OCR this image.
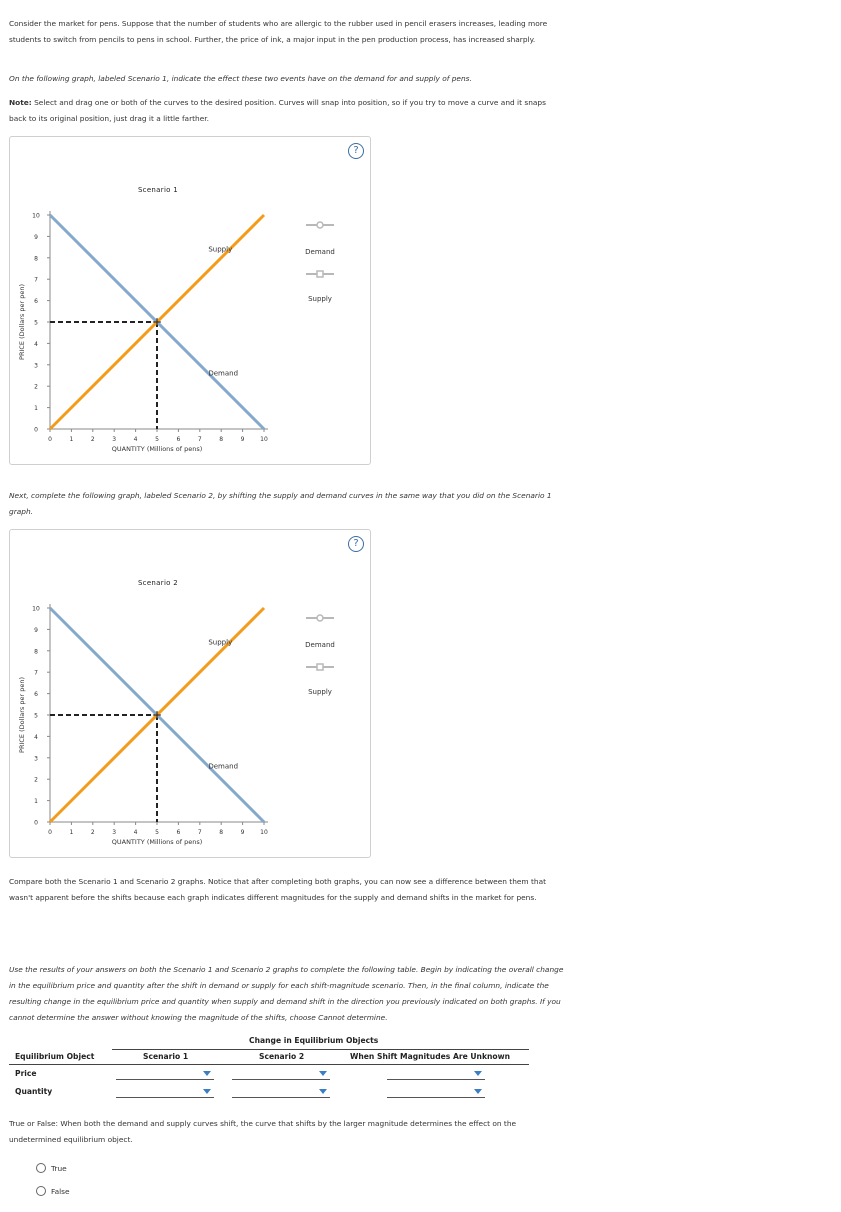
Consider the market for pens. Suppose that the number of students who are allergic to the rubber used in pencil erasers increases, leading more
students to switch from pencils to pens in school. Further, the price of ink, a major input in the pen production process, has increased sharply.
On the following graph, labeled Scenario 1, indicate the effect these two events have on the demand for and supply of pens.
Note: Select and drag one or both of the curves to the desired position. Curves will snap into position, so if you try to move a curve and it snaps
back to its original position, just drag it a little farther.
?
Scenario 1
0
1
2
3
4
5
6
7
8
9
10
0	1	2	3	4	5	6	7	8	9	10
QUANTITY (Millions of pens)
PRICE (Dollars per pen)
Supply
Demand
Demand
Supply
Next, complete the following graph, labeled Scenario 2, by shifting the supply and demand curves in the same way that you did on the Scenario 1
graph.
?
Scenario 2
0
1
2
3
4
5
6
7
8
9
10
0	1	2	3	4	5	6	7	8	9	10
QUANTITY (Millions of pens)
PRICE (Dollars per pen)
Supply
Demand
Demand
Supply
Compare both the Scenario 1 and Scenario 2 graphs. Notice that after completing both graphs, you can now see a difference between them that
wasn't apparent before the shifts because each graph indicates different magnitudes for the supply and demand shifts in the market for pens.
Use the results of your answers on both the Scenario 1 and Scenario 2 graphs to complete the following table. Begin by indicating the overall change
in the equilibrium price and quantity after the shift in demand or supply for each shift-magnitude scenario. Then, in the final column, indicate the
resulting change in the equilibrium price and quantity when supply and demand shift in the direction you previously indicated on both graphs. If you
cannot determine the answer without knowing the magnitude of the shifts, choose Cannot determine.
Change in Equilibrium Objects
Equilibrium Object	Scenario 1	Scenario 2	When Shift Magnitudes Are Unknown
Price
Quantity
True or False: When both the demand and supply curves shift, the curve that shifts by the larger magnitude determines the effect on the
undetermined equilibrium object.
True
False
